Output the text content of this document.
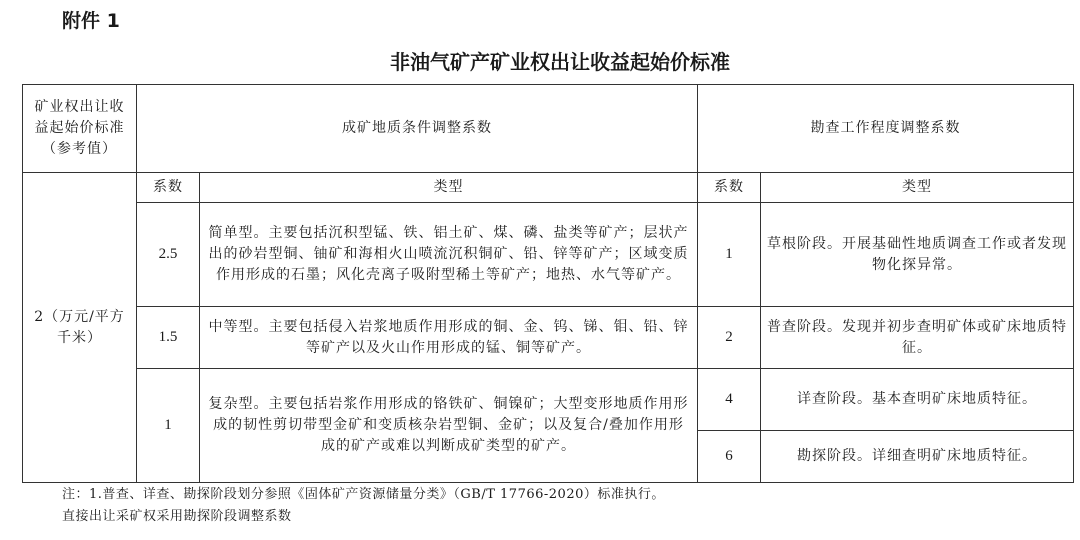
附件 1
非油气矿产矿业权出让收益起始价标准
矿业权出让收益起始价标准（参考值）	成矿地质条件调整系数		勘查工作程度调整系数	
2（万元/平方千米）	系数	类型	系数	类型
	2.5	简单型。主要包括沉积型锰、铁、铝土矿、煤、磷、盐类等矿产；层状产出的砂岩型铜、铀矿和海相火山喷流沉积铜矿、铅、锌等矿产；区域变质作用形成的石墨；风化壳离子吸附型稀土等矿产；地热、水气等矿产。	1	草根阶段。开展基础性地质调查工作或者发现物化探异常。
	1.5	中等型。主要包括侵入岩浆地质作用形成的铜、金、钨、锑、钼、铅、锌等矿产以及火山作用形成的锰、铜等矿产。	2	普查阶段。发现并初步查明矿体或矿床地质特征。
	1	复杂型。主要包括岩浆作用形成的铬铁矿、铜镍矿；大型变形地质作用形成的韧性剪切带型金矿和变质核杂岩型铜、金矿；以及复合/叠加作用形成的矿产或难以判断成矿类型的矿产。	4	详查阶段。基本查明矿床地质特征。
			6	勘探阶段。详细查明矿床地质特征。
注：1.普查、详查、勘探阶段划分参照《固体矿产资源储量分类》（GB/T 17766-2020）标准执行。
直接出让采矿权采用勘探阶段调整系数
